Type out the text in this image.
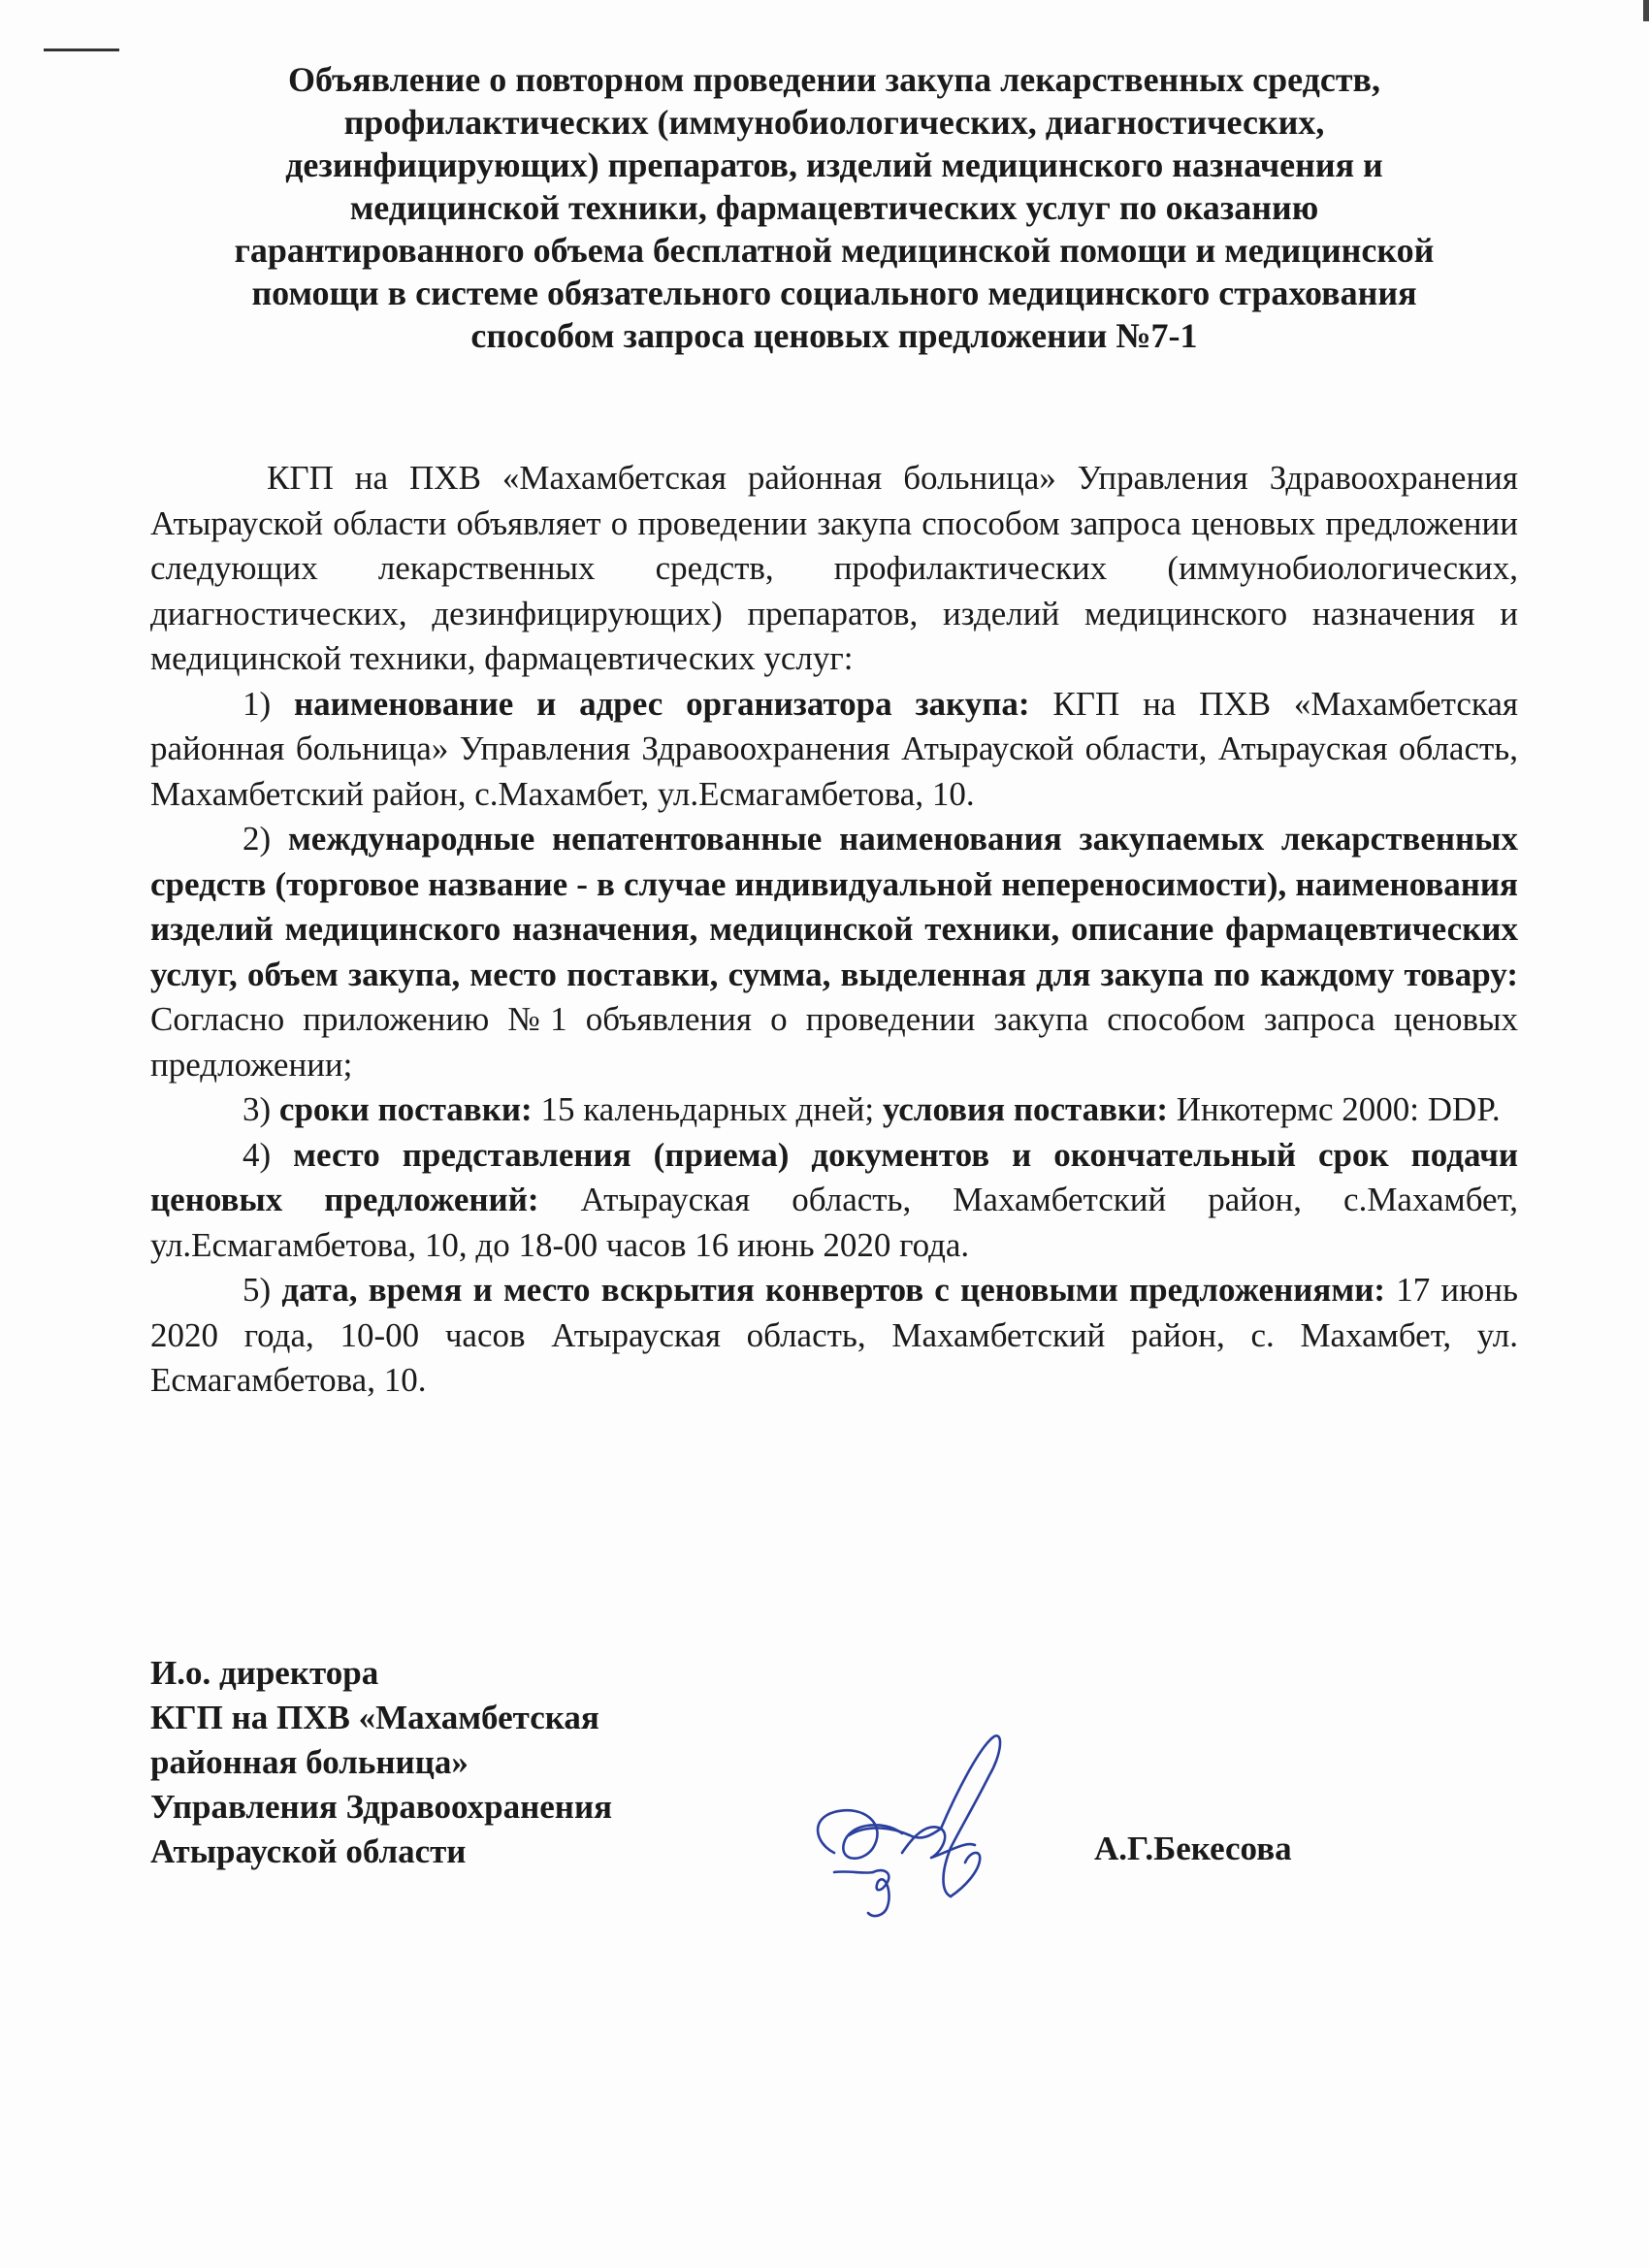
Объявление о повторном проведении закупа лекарственных средств,
профилактических (иммунобиологических, диагностических,
дезинфицирующих) препаратов, изделий медицинского назначения и
медицинской техники, фармацевтических услуг по оказанию
гарантированного объема бесплатной медицинской помощи и медицинской
помощи в системе обязательного социального медицинского страхования
способом запроса ценовых предложении №7-1

КГП на ПХВ «Махамбетская районная больница» Управления Здравоохранения Атырауской области объявляет о проведении закупа способом запроса ценовых предложении следующих лекарственных средств, профилактических (иммунобиологических, диагностических, дезинфицирующих) препаратов, изделий медицинского назначения и медицинской техники, фармацевтических услуг:

1) наименование и адрес организатора закупа: КГП на ПХВ «Махамбетская районная больница» Управления Здравоохранения Атырауской области, Атырауская область, Махамбетский район, с.Махамбет, ул.Есмагамбетова, 10.

2) международные непатентованные наименования закупаемых лекарственных средств (торговое название - в случае индивидуальной непереносимости), наименования изделий медицинского назначения, медицинской техники, описание фармацевтических услуг, объем закупа, место поставки, сумма, выделенная для закупа по каждому товару: Согласно приложению №1 объявления о проведении закупа способом запроса ценовых предложении;

3) сроки поставки: 15 каленьдарных дней; условия поставки: Инкотермс 2000: DDP.

4) место представления (приема) документов и окончательный срок подачи ценовых предложений: Атырауская область, Махамбетский район, с.Махамбет, ул.Есмагамбетова, 10, до 18-00 часов 16 июнь 2020 года.

5) дата, время и место вскрытия конвертов с ценовыми предложениями: 17 июнь 2020 года, 10-00 часов Атырауская область, Махамбетский район, с. Махамбет, ул. Есмагамбетова, 10.

И.о. директора
КГП на ПХВ «Махамбетская
районная больница»
Управления Здравоохранения
Атырауской области	А.Г.Бекесова
